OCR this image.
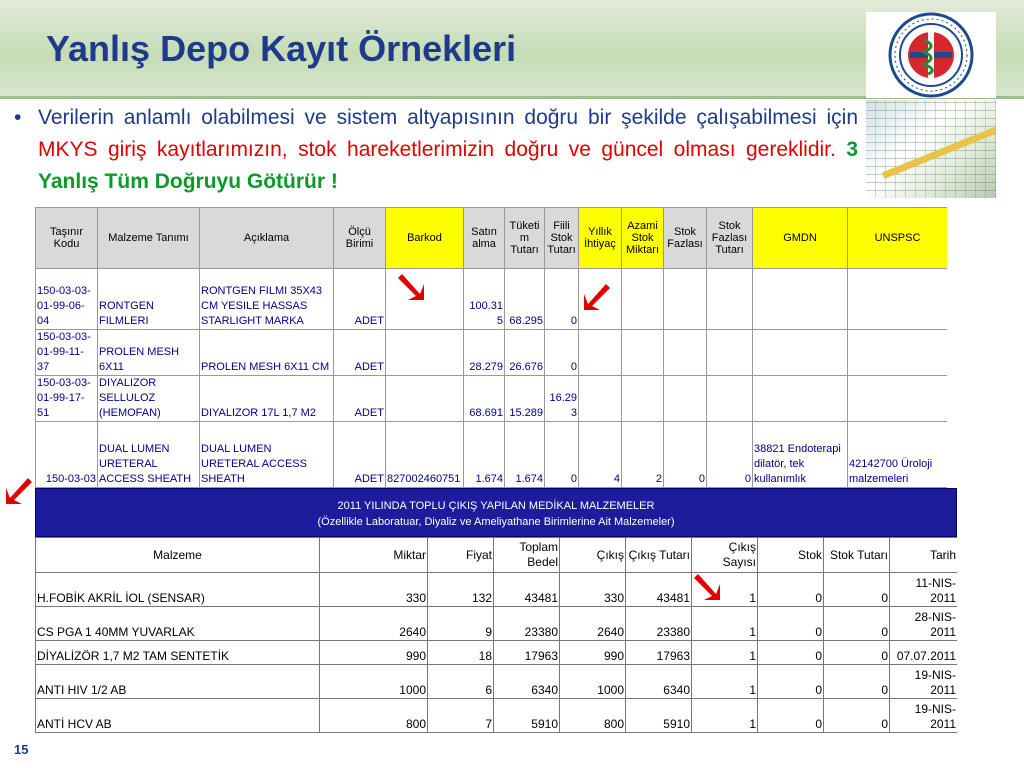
Yanlış Depo Kayıt Örnekleri
• Verilerin anlamlı olabilmesi ve sistem altyapısının doğru bir şekilde çalışabilmesi için MKYS giriş kayıtlarımızın, stok hareketlerimizin doğru ve güncel olması gereklidir. 3 Yanlış Tüm Doğruyu Götürür !
Taşınır Kodu	Malzeme Tanımı	Açıklama	Ölçü Birimi	Barkod	Satın alma	Tüketim Tutarı	Fiili Stok Tutarı	Yıllık İhtiyaç	Azami Stok Miktarı	Stok Fazlası	Stok Fazlası Tutarı	GMDN	UNSPSC
150-03-03-01-99-06-04	RONTGEN FILMLERI	RONTGEN FILMI 35X43 CM YESILE HASSAS STARLIGHT MARKA	ADET		100.315	68.295	0						
150-03-03-01-99-11-37	PROLEN MESH 6X11	PROLEN MESH 6X11 CM	ADET		28.279	26.676	0						
150-03-03-01-99-17-51	DIYALIZOR SELLULOZ (HEMOFAN)	DIYALIZOR 17L 1,7 M2	ADET		68.691	15.289	16.293						
150-03-03	DUAL LUMEN URETERAL ACCESS SHEATH	DUAL LUMEN URETERAL ACCESS SHEATH	ADET	827002460751	1.674	1.674	0	4	2	0	0	38821 Endoterapi dilatör, tek kullanımlık	42142700 Üroloji malzemeleri
2011 YILINDA TOPLU ÇIKIŞ YAPILAN MEDİKAL MALZEMELER
(Özellikle Laboratuar, Diyaliz ve Ameliyathane Birimlerine Ait Malzemeler)
Malzeme	Miktar	Fiyat	Toplam Bedel	Çıkış	Çıkış Tutarı	Çıkış Sayısı	Stok	Stok Tutarı	Tarih
H.FOBİK AKRİL İOL (SENSAR)	330	132	43481	330	43481	1	0	0	11-NIS-2011
CS PGA 1 40MM YUVARLAK	2640	9	23380	2640	23380	1	0	0	28-NIS-2011
DİYALİZÖR 1,7 M2 TAM SENTETİK	990	18	17963	990	17963	1	0	0	07.07.2011
ANTI HIV 1/2 AB	1000	6	6340	1000	6340	1	0	0	19-NIS-2011
ANTİ HCV AB	800	7	5910	800	5910	1	0	0	19-NIS-2011
15
